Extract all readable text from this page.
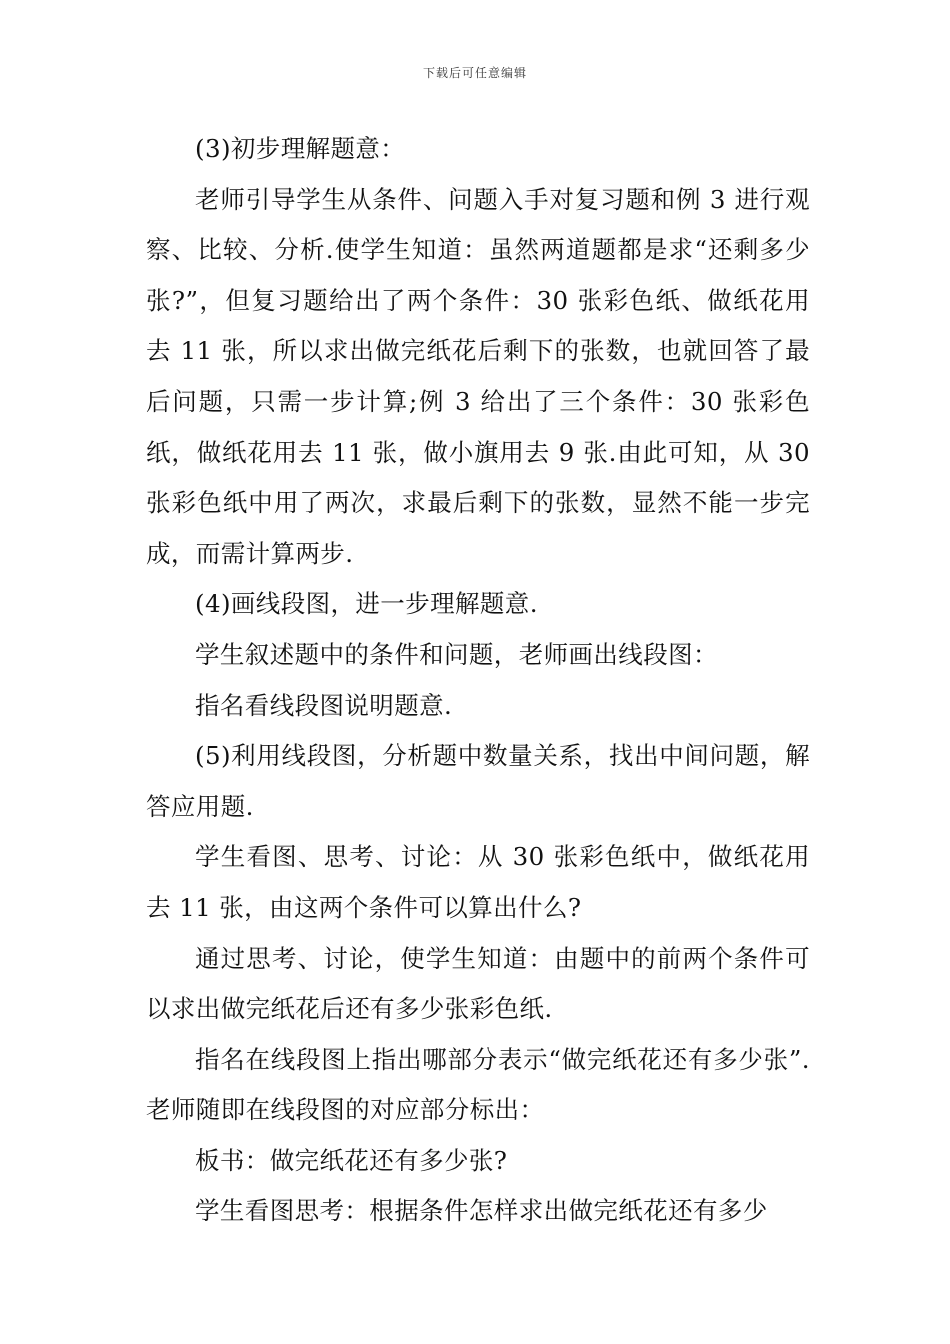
下载后可任意编辑

(3)初步理解题意：

老师引导学生从条件、问题入手对复习题和例 3 进行观察、比较、分析.使学生知道：虽然两道题都是求“还剩多少张?”，但复习题给出了两个条件：30 张彩色纸、做纸花用去 11 张，所以求出做完纸花后剩下的张数，也就回答了最后问题，只需一步计算;例 3 给出了三个条件：30 张彩色纸，做纸花用去 11 张，做小旗用去 9 张.由此可知，从 30 张彩色纸中用了两次，求最后剩下的张数，显然不能一步完成，而需计算两步.

(4)画线段图，进一步理解题意.

学生叙述题中的条件和问题，老师画出线段图：

指名看线段图说明题意.

(5)利用线段图，分析题中数量关系，找出中间问题，解答应用题.

学生看图、思考、讨论：从 30 张彩色纸中，做纸花用去 11 张，由这两个条件可以算出什么?

通过思考、讨论，使学生知道：由题中的前两个条件可以求出做完纸花后还有多少张彩色纸.

指名在线段图上指出哪部分表示“做完纸花还有多少张”.老师随即在线段图的对应部分标出：

板书：做完纸花还有多少张?

学生看图思考：根据条件怎样求出做完纸花还有多少
